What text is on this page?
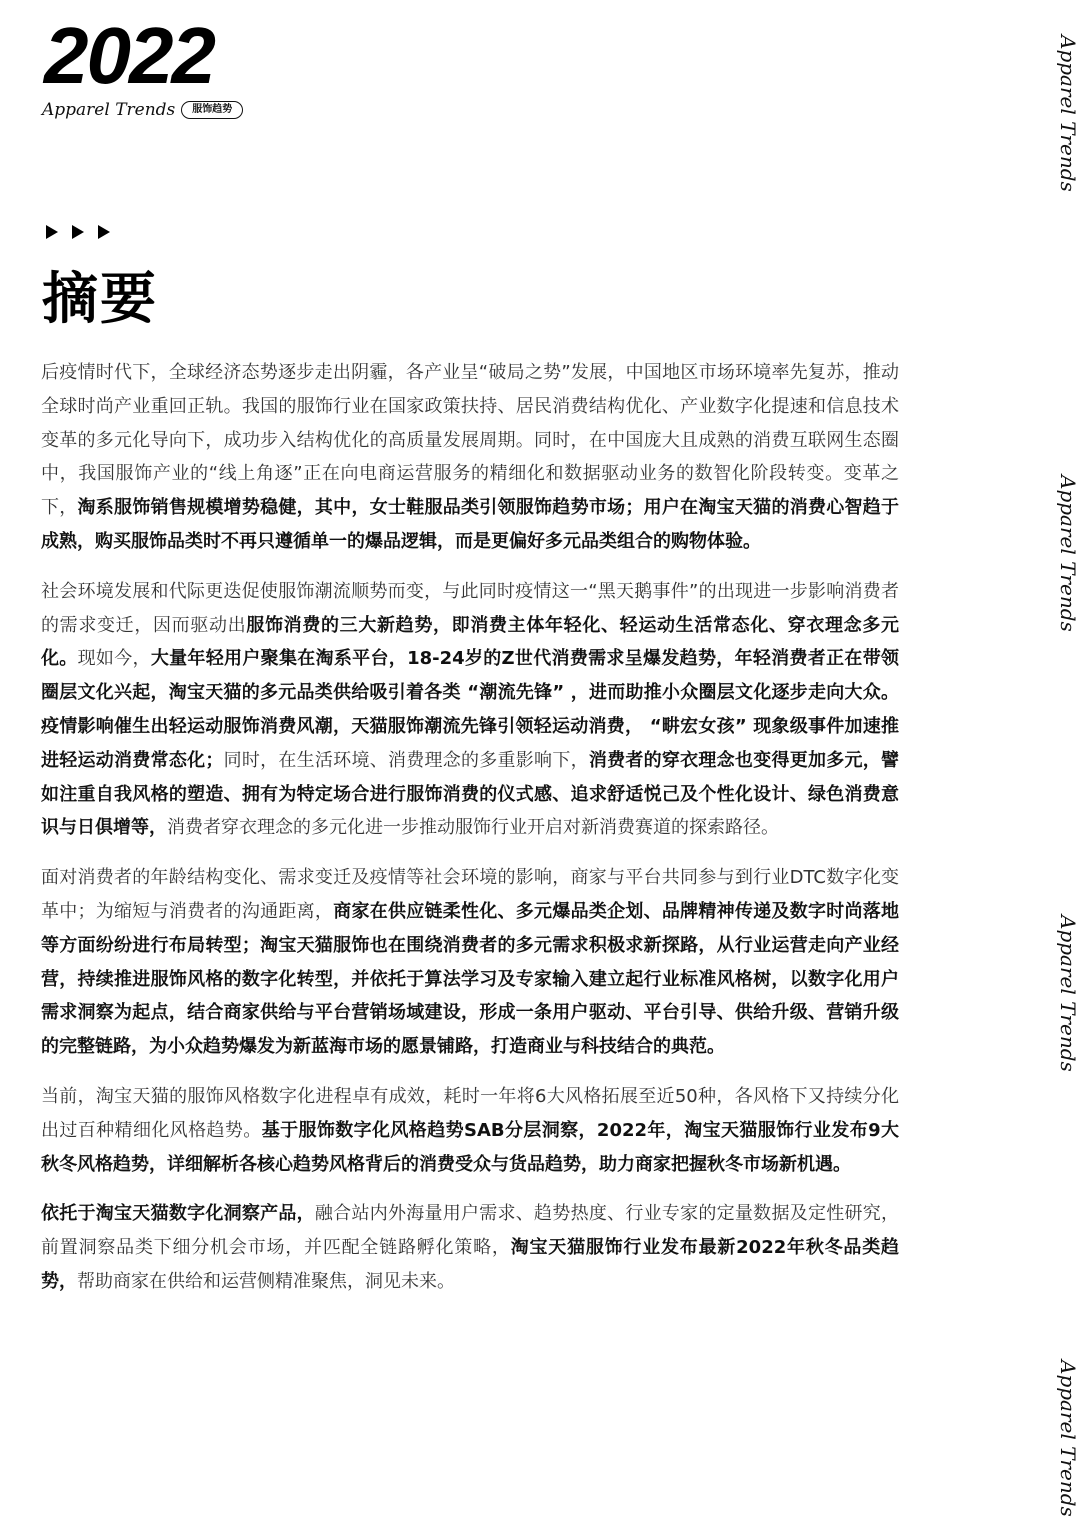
2022
Apparel Trends	服饰趋势	Apparel Trends
Apparel Trends
Apparel Trends
Apparel Trends
摘要

后疫情时代下，全球经济态势逐步走出阴霾，各产业呈“破局之势”发展，中国地区市场环境率先复苏，推动全球时尚产业重回正轨。我国的服饰行业在国家政策扶持、居民消费结构优化、产业数字化提速和信息技术变革的多元化导向下，成功步入结构优化的高质量发展周期。同时，在中国庞大且成熟的消费互联网生态圈中，我国服饰产业的“线上角逐”正在向电商运营服务的精细化和数据驱动业务的数智化阶段转变。变革之下，淘系服饰销售规模增势稳健，其中，女士鞋服品类引领服饰趋势市场；用户在淘宝天猫的消费心智趋于成熟，购买服饰品类时不再只遵循单一的爆品逻辑，而是更偏好多元品类组合的购物体验。

社会环境发展和代际更迭促使服饰潮流顺势而变，与此同时疫情这一“黑天鹅事件”的出现进一步影响消费者的需求变迁，因而驱动出服饰消费的三大新趋势，即消费主体年轻化、轻运动生活常态化、穿衣理念多元化。现如今，大量年轻用户聚集在淘系平台，18-24岁的Z世代消费需求呈爆发趋势，年轻消费者正在带领圈层文化兴起，淘宝天猫的多元品类供给吸引着各类 “潮流先锋” ，进而助推小众圈层文化逐步走向大众。疫情影响催生出轻运动服饰消费风潮，天猫服饰潮流先锋引领轻运动消费， “畊宏女孩” 现象级事件加速推进轻运动消费常态化；同时，在生活环境、消费理念的多重影响下，消费者的穿衣理念也变得更加多元，譬如注重自我风格的塑造、拥有为特定场合进行服饰消费的仪式感、追求舒适悦己及个性化设计、绿色消费意识与日俱增等，消费者穿衣理念的多元化进一步推动服饰行业开启对新消费赛道的探索路径。

面对消费者的年龄结构变化、需求变迁及疫情等社会环境的影响，商家与平台共同参与到行业DTC数字化变革中；为缩短与消费者的沟通距离，商家在供应链柔性化、多元爆品类企划、品牌精神传递及数字时尚落地等方面纷纷进行布局转型；淘宝天猫服饰也在围绕消费者的多元需求积极求新探路，从行业运营走向产业经营，持续推进服饰风格的数字化转型，并依托于算法学习及专家输入建立起行业标准风格树，以数字化用户需求洞察为起点，结合商家供给与平台营销场域建设，形成一条用户驱动、平台引导、供给升级、营销升级的完整链路，为小众趋势爆发为新蓝海市场的愿景铺路，打造商业与科技结合的典范。

当前，淘宝天猫的服饰风格数字化进程卓有成效，耗时一年将6大风格拓展至近50种，各风格下又持续分化出过百种精细化风格趋势。基于服饰数字化风格趋势SAB分层洞察，2022年，淘宝天猫服饰行业发布9大秋冬风格趋势，详细解析各核心趋势风格背后的消费受众与货品趋势，助力商家把握秋冬市场新机遇。

依托于淘宝天猫数字化洞察产品，融合站内外海量用户需求、趋势热度、行业专家的定量数据及定性研究，前置洞察品类下细分机会市场，并匹配全链路孵化策略，淘宝天猫服饰行业发布最新2022年秋冬品类趋势，帮助商家在供给和运营侧精准聚焦，洞见未来。
